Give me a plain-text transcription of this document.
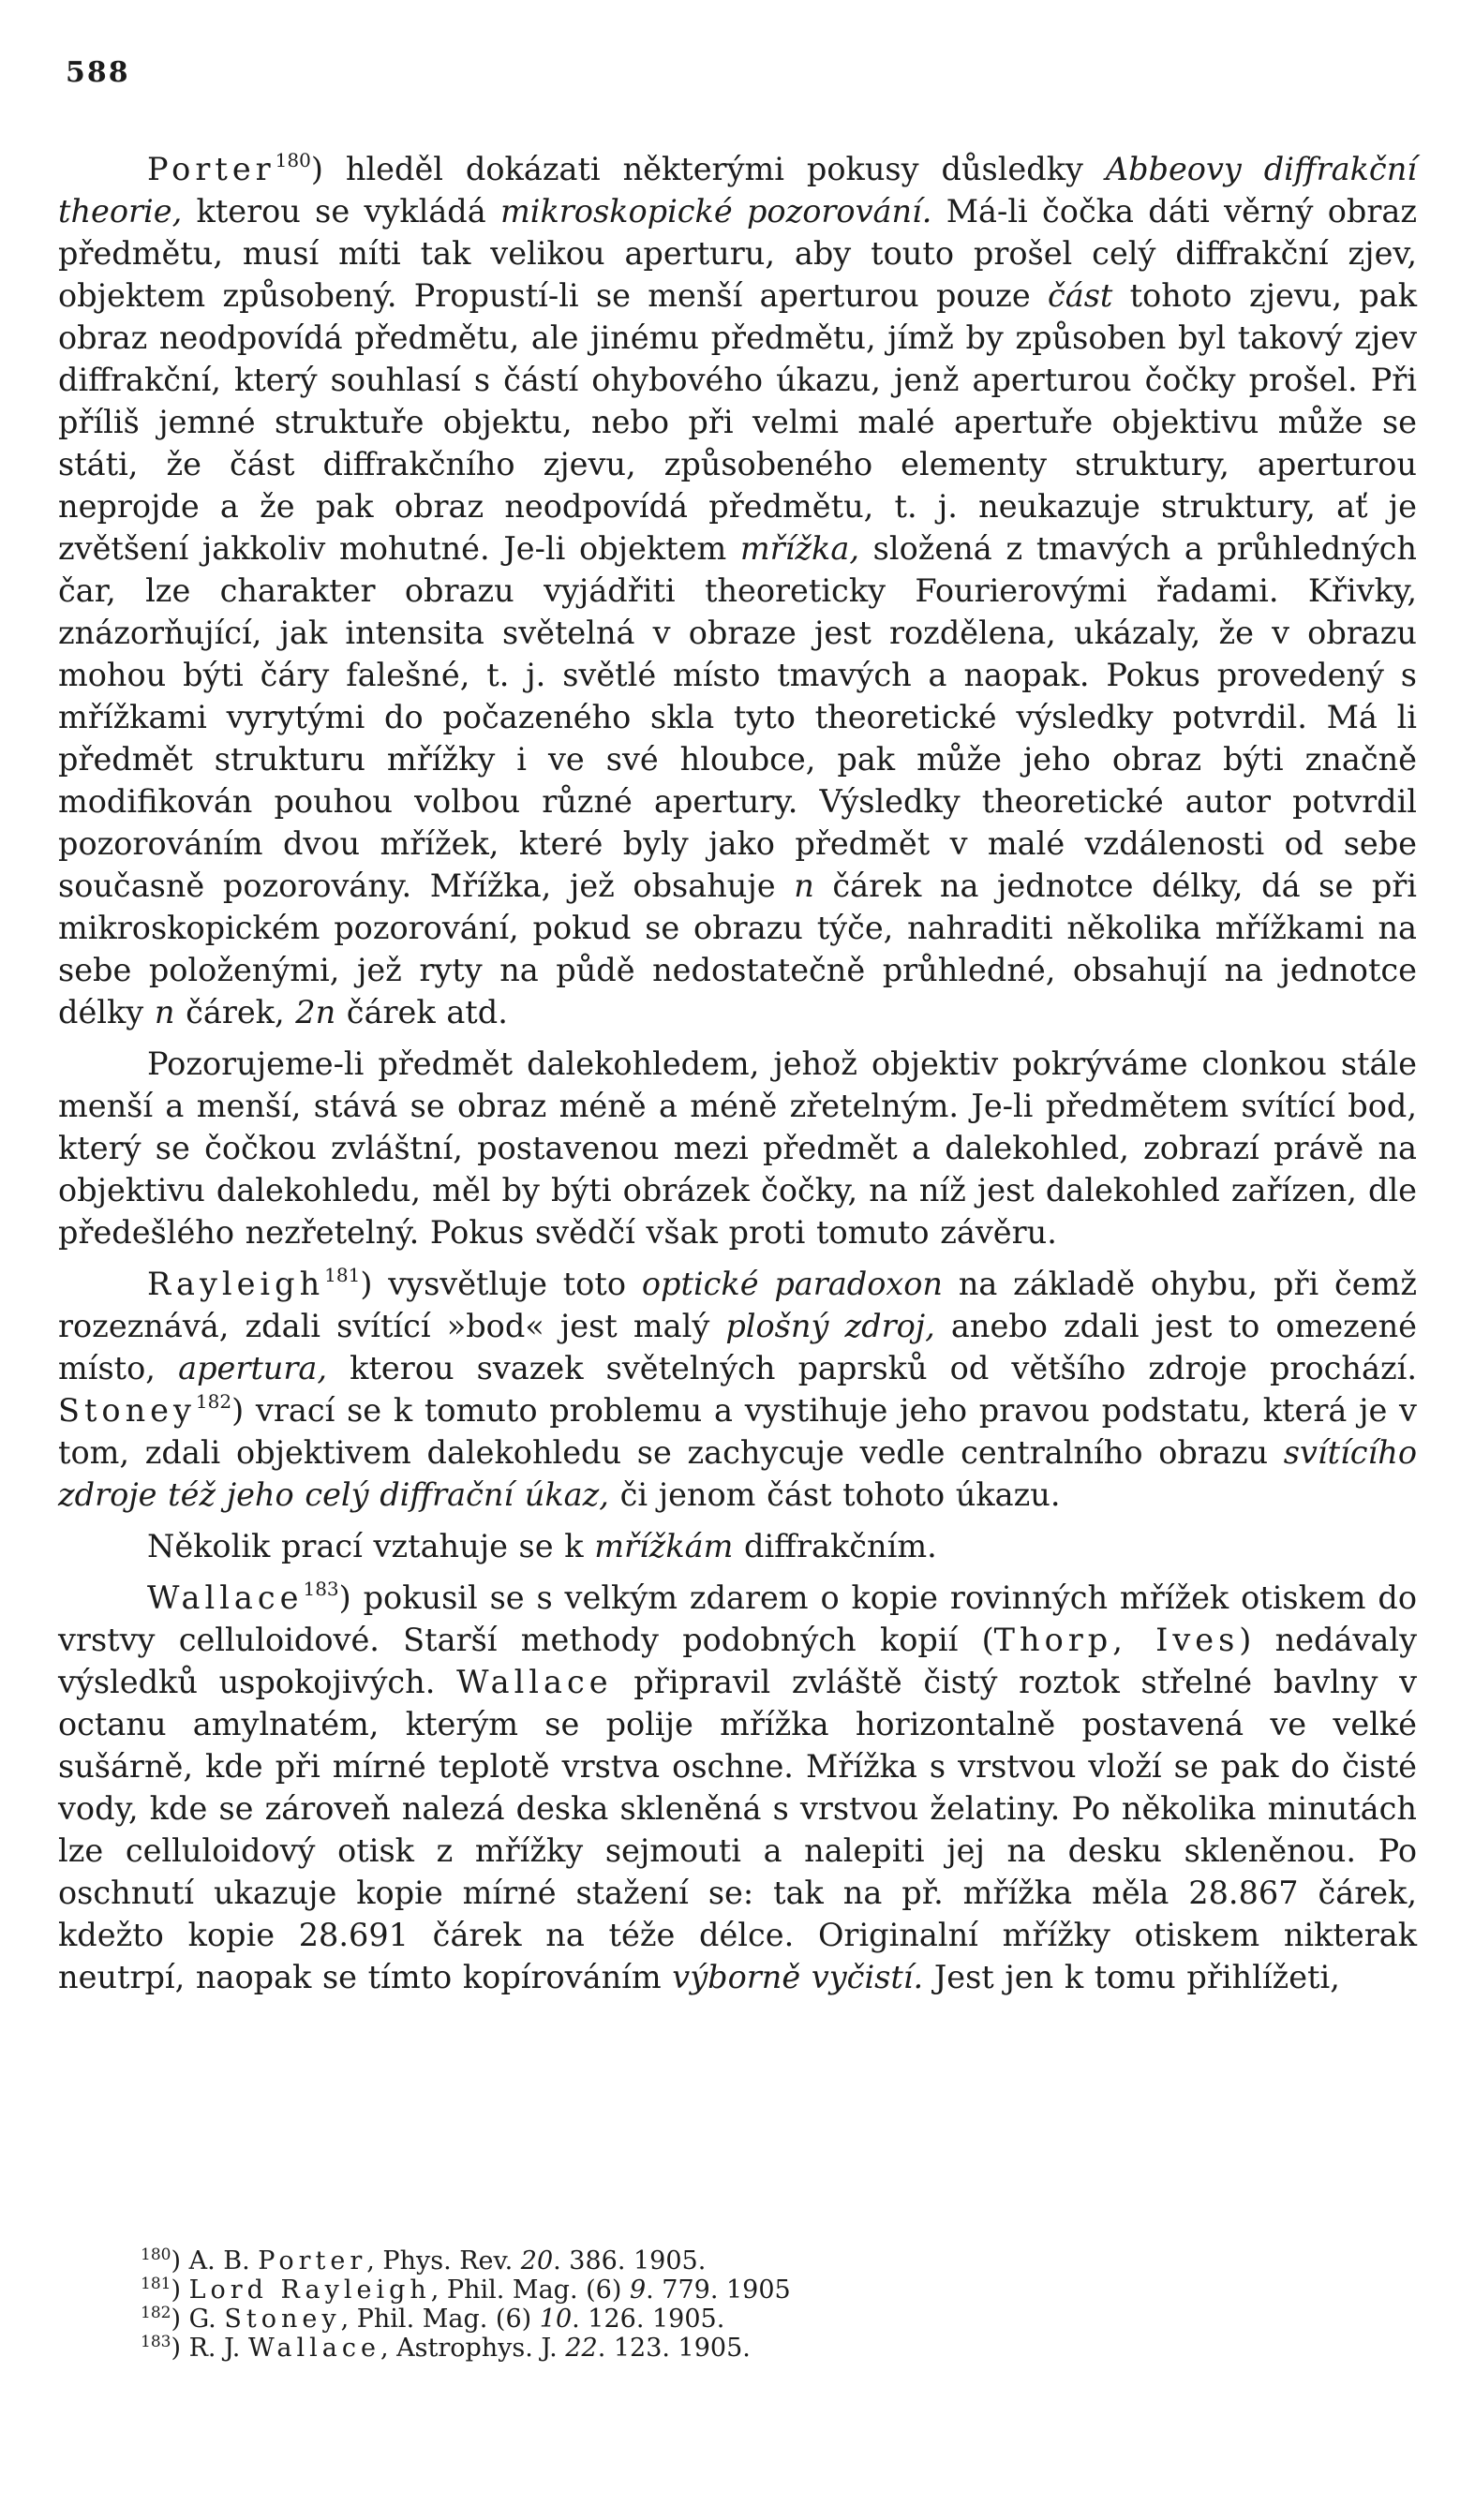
588

Porter$^{180}$) hleděl dokázati některými pokusy důsledky Abbeovy diffrakční theorie, kterou se vykládá mikroskopické pozorování. Má-li čočka dáti věrný obraz předmětu, musí míti tak velikou aperturu, aby touto prošel celý diffrakční zjev, objektem způsobený. Propustí-li se menší aperturou pouze část tohoto zjevu, pak obraz neodpovídá předmětu, ale jinému předmětu, jímž by způsoben byl takový zjev diffrakční, který souhlasí s částí ohybového úkazu, jenž aperturou čočky prošel. Při příliš jemné struktuře objektu, nebo při velmi malé apertuře objektivu může se státi, že část diffrakčního zjevu, způsobeného elementy struktury, aperturou neprojde a že pak obraz neodpovídá předmětu, t. j. neukazuje struktury, ať je zvětšení jakkoliv mohutné. Je-li objektem mřížka, složená z tmavých a průhledných čar, lze charakter obrazu vyjádřiti theoreticky Fourierovými řadami. Křivky, znázorňující, jak intensita světelná v obraze jest rozdělena, ukázaly, že v obrazu mohou býti čáry falešné, t. j. světlé místo tmavých a naopak. Pokus provedený s mřížkami vyrytými do počazeného skla tyto theoretické výsledky potvrdil. Má li předmět strukturu mřížky i ve své hloubce, pak může jeho obraz býti značně modifikován pouhou volbou různé apertury. Výsledky theoretické autor potvrdil pozorováním dvou mřížek, které byly jako předmět v malé vzdálenosti od sebe současně pozorovány. Mřížka, jež obsahuje n čárek na jednotce délky, dá se při mikroskopickém pozorování, pokud se obrazu týče, nahraditi několika mřížkami na sebe položenými, jež ryty na půdě nedostatečně průhledné, obsahují na jednotce délky n čárek, 2n čárek atd.

Pozorujeme-li předmět dalekohledem, jehož objektiv pokrýváme clonkou stále menší a menší, stává se obraz méně a méně zřetelným. Je-li předmětem svítící bod, který se čočkou zvláštní, postavenou mezi předmět a dalekohled, zobrazí právě na objektivu dalekohledu, měl by býti obrázek čočky, na níž jest dalekohled zařízen, dle předešlého nezřetelný. Pokus svědčí však proti tomuto závěru.

Rayleigh$^{181}$) vysvětluje toto optické paradoxon na základě ohybu, při čemž rozeznává, zdali svítící »bod« jest malý plošný zdroj, anebo zdali jest to omezené místo, apertura, kterou svazek světelných paprsků od většího zdroje prochází. Stoney$^{182}$) vrací se k tomuto problemu a vystihuje jeho pravou podstatu, která je v tom, zdali objektivem dalekohledu se zachycuje vedle centralního obrazu svítícího zdroje též jeho celý diffrační úkaz, či jenom část tohoto úkazu.

Několik prací vztahuje se k mřížkám diffrakčním.

Wallace$^{183}$) pokusil se s velkým zdarem o kopie rovinných mřížek otiskem do vrstvy celluloidové. Starší methody podobných kopií (Thorp, Ives) nedávaly výsledků uspokojivých. Wallace připravil zvláště čistý roztok střelné bavlny v octanu amylnatém, kterým se polije mřížka horizontalně postavená ve velké sušárně, kde při mírné teplotě vrstva oschne. Mřížka s vrstvou vloží se pak do čisté vody, kde se zároveň nalezá deska skleněná s vrstvou želatiny. Po několika minutách lze celluloidový otisk z mřížky sejmouti a nalepiti jej na desku skleněnou. Po oschnutí ukazuje kopie mírné stažení se: tak na př. mřížka měla 28.867 čárek, kdežto kopie 28.691 čárek na téže délce. Originalní mřížky otiskem nikterak neutrpí, naopak se tímto kopírováním výborně vyčistí. Jest jen k tomu přihlížeti,

$^{180}$) A. B. Porter, Phys. Rev. 20. 386. 1905.
$^{181}$) Lord Rayleigh, Phil. Mag. (6) 9. 779. 1905
$^{182}$) G. Stoney, Phil. Mag. (6) 10. 126. 1905.
$^{183}$) R. J. Wallace, Astrophys. J. 22. 123. 1905.
